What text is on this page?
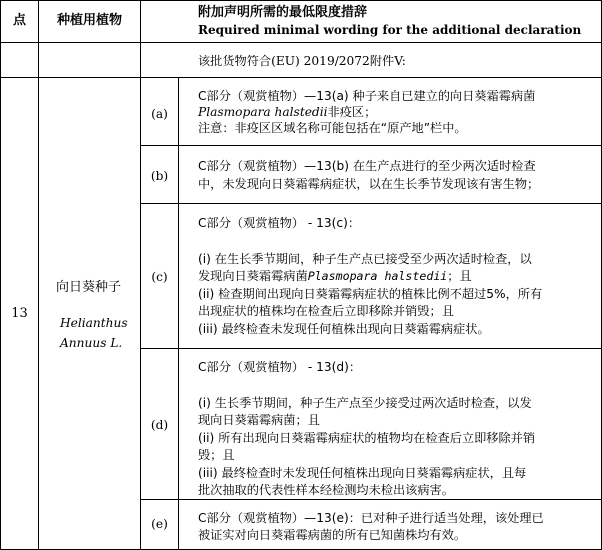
点	种植用植物
附加声明所需的最低限度措辞
Required minimal wording for the additional declaration
该批货物符合(EU) 2019/2072附件V:
13
向日葵种子
Helianthus
Annuus L.
(a)
C部分（观赏植物）—13(a) 种子来自已建立的向日葵霜霉病菌
Plasmopara halstedii非疫区；
注意：非疫区区域名称可能包括在“原产地”栏中。
(b)
C部分（观赏植物）—13(b) 在生产点进行的至少两次适时检查
中，未发现向日葵霜霉病症状，以在生长季节发现该有害生物；
(c)
C部分（观赏植物） - 13(c)：
(i) 在生长季节期间，种子生产点已接受至少两次适时检查，以
发现向日葵霜霉病菌Plasmopara halstedii；且
(ii) 检查期间出现向日葵霜霉病症状的植株比例不超过5%，所有
出现症状的植株均在检查后立即移除并销毁；且
(iii) 最终检查未发现任何植株出现向日葵霜霉病症状。
(d)
C部分（观赏植物） - 13(d)：
(i) 生长季节期间，种子生产点至少接受过两次适时检查，以发
现向日葵霜霉病菌；且
(ii) 所有出现向日葵霜霉病症状的植物均在检查后立即移除并销
毁；且
(iii) 最终检查时未发现任何植株出现向日葵霜霉病症状，且每
批次抽取的代表性样本经检测均未检出该病害。
(e)	C部分（观赏植物）—13(e)：已对种子进行适当处理，该处理已
被证实对向日葵霜霉病菌的所有已知菌株均有效。
